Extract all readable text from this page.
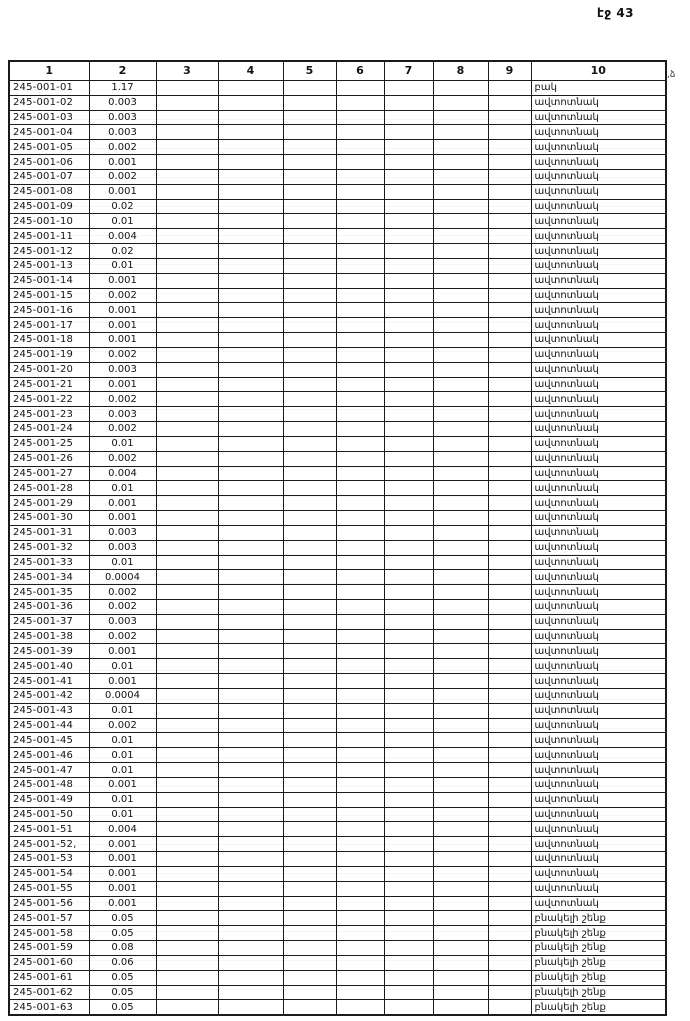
էջ 43
1	2	3	4	5	6	7	8	9	10
245-001-01	1.17								բակ
245-001-02	0.003								ավտոտնակ
245-001-03	0.003								ավտոտնակ
245-001-04	0.003								ավտոտնակ
245-001-05	0.002								ավտոտնակ
245-001-06	0.001								ավտոտնակ
245-001-07	0.002								ավտոտնակ
245-001-08	0.001								ավտոտնակ
245-001-09	0.02								ավտոտնակ
245-001-10	0.01								ավտոտնակ
245-001-11	0.004								ավտոտնակ
245-001-12	0.02								ավտոտնակ
245-001-13	0.01								ավտոտնակ
245-001-14	0.001								ավտոտնակ
245-001-15	0.002								ավտոտնակ
245-001-16	0.001								ավտոտնակ
245-001-17	0.001								ավտոտնակ
245-001-18	0.001								ավտոտնակ
245-001-19	0.002								ավտոտնակ
245-001-20	0.003								ավտոտնակ
245-001-21	0.001								ավտոտնակ
245-001-22	0.002								ավտոտնակ
245-001-23	0.003								ավտոտնակ
245-001-24	0.002								ավտոտնակ
245-001-25	0.01								ավտոտնակ
245-001-26	0.002								ավտոտնակ
245-001-27	0.004								ավտոտնակ
245-001-28	0.01								ավտոտնակ
245-001-29	0.001								ավտոտնակ
245-001-30	0.001								ավտոտնակ
245-001-31	0.003								ավտոտնակ
245-001-32	0.003								ավտոտնակ
245-001-33	0.01								ավտոտնակ
245-001-34	0.0004								ավտոտնակ
245-001-35	0.002								ավտոտնակ
245-001-36	0.002								ավտոտնակ
245-001-37	0.003								ավտոտնակ
245-001-38	0.002								ավտոտնակ
245-001-39	0.001								ավտոտնակ
245-001-40	0.01								ավտոտնակ
245-001-41	0.001								ավտոտնակ
245-001-42	0.0004								ավտոտնակ
245-001-43	0.01								ավտոտնակ
245-001-44	0.002								ավտոտնակ
245-001-45	0.01								ավտոտնակ
245-001-46	0.01								ավտոտնակ
245-001-47	0.01								ավտոտնակ
245-001-48	0.001								ավտոտնակ
245-001-49	0.01								ավտոտնակ
245-001-50	0.01								ավտոտնակ
245-001-51	0.004								ավտոտնակ
245-001-52,	0.001								ավտոտնակ
245-001-53	0.001								ավտոտնակ
245-001-54	0.001								ավտոտնակ
245-001-55	0.001								ավտոտնակ
245-001-56	0.001								ավտոտնակ
245-001-57	0.05								բնակելի շենք
245-001-58	0.05								բնակելի շենք
245-001-59	0.08								բնակելի շենք
245-001-60	0.06								բնակելի շենք
245-001-61	0.05								բնակելի շենք
245-001-62	0.05								բնակելի շենք
245-001-63	0.05								բնակելի շենք
,ձ
